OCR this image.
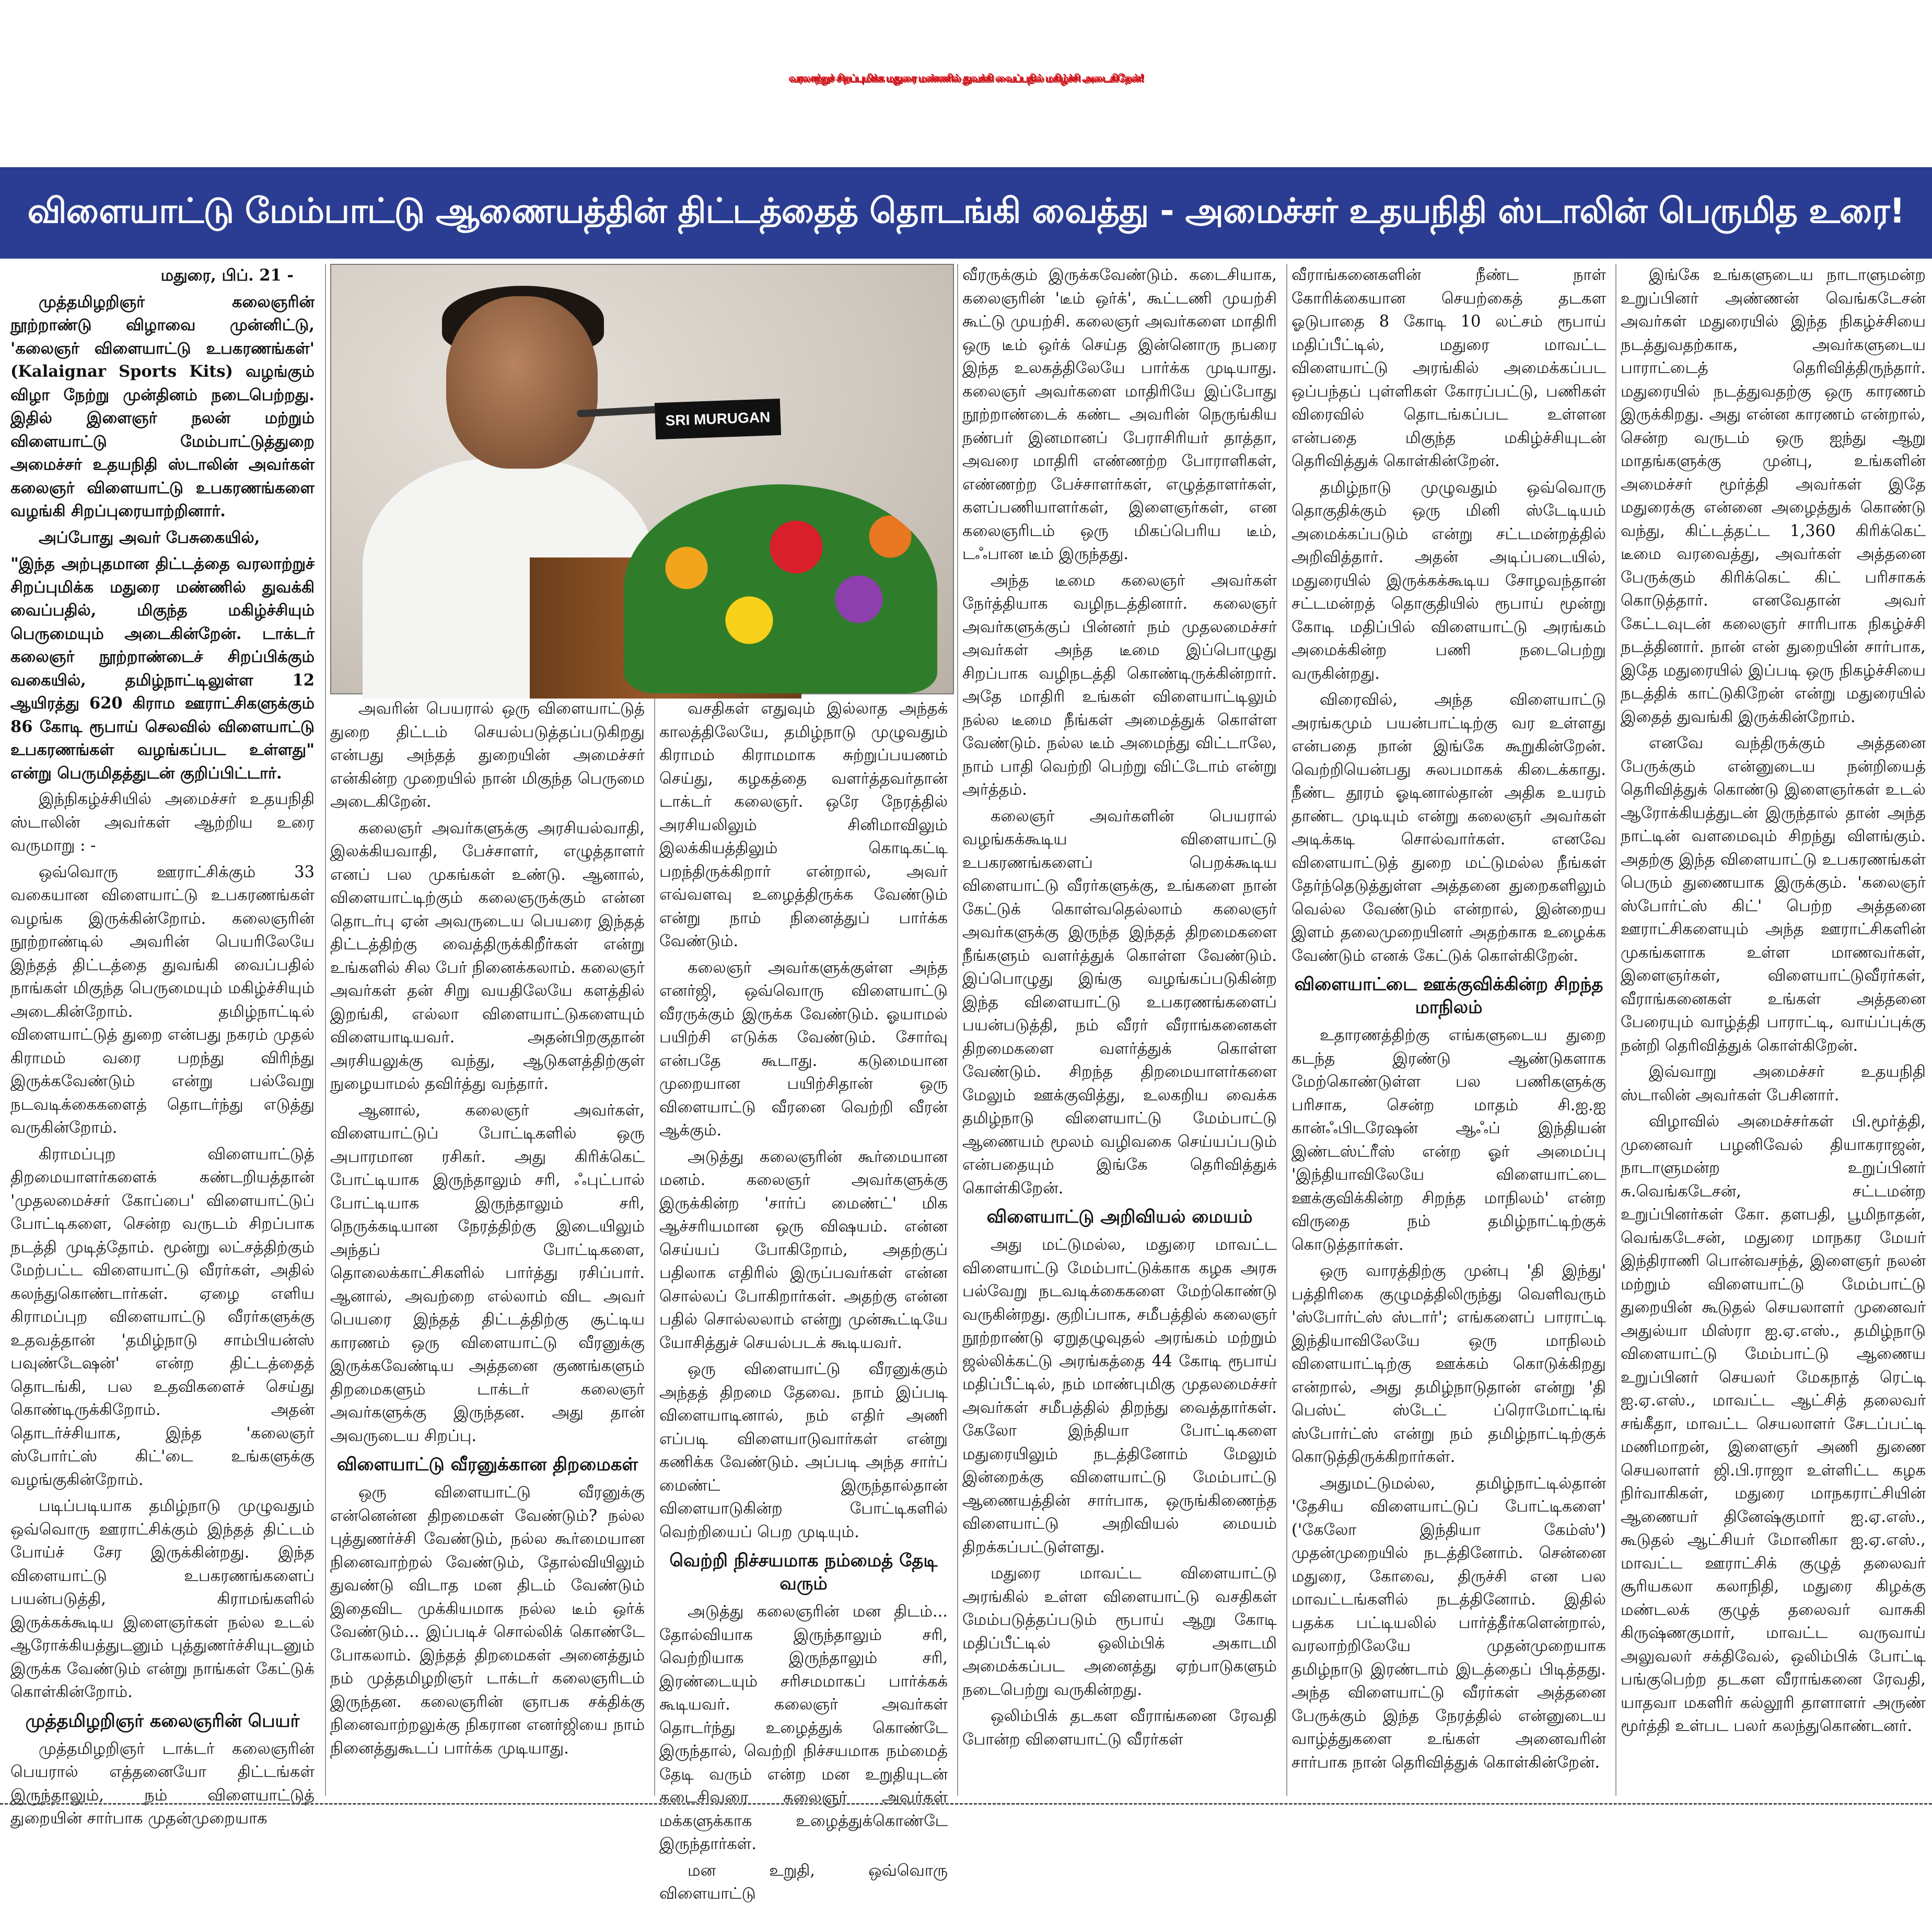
வரலாற்றுச் சிறப்புமிக்க மதுரை மண்ணில் துவக்கி வைப்பதில் மகிழ்ச்சி அடைகிறேன்!
விளையாட்டு மேம்பாட்டு ஆணையத்தின் திட்டத்தைத் தொடங்கி வைத்து - அமைச்சர் உதயநிதி ஸ்டாலின் பெருமித உரை!

மதுரை, பிப். 21 -

முத்தமிழறிஞர் கலைஞரின் நூற்றாண்டு விழாவை முன்னிட்டு, 'கலைஞர் விளையாட்டு உபகரணங்கள்' (Kalaignar Sports Kits) வழங்கும் விழா நேற்று முன்தினம் நடைபெற்றது. இதில் இளைஞர் நலன் மற்றும் விளையாட்டு மேம்பாட்டுத்துறை அமைச்சர் உதயநிதி ஸ்டாலின் அவர்கள் கலைஞர் விளையாட்டு உபகரணங்களை வழங்கி சிறப்புரையாற்றினார்.

அப்போது அவர் பேசுகையில்,

"இந்த அற்புதமான திட்டத்தை வரலாற்றுச் சிறப்புமிக்க மதுரை மண்ணில் துவக்கி வைப்பதில், மிகுந்த மகிழ்ச்சியும் பெருமையும் அடைகின்றேன். டாக்டர் கலைஞர் நூற்றாண்டைச் சிறப்பிக்கும் வகையில், தமிழ்நாட்டிலுள்ள 12 ஆயிரத்து 620 கிராம ஊராட்சிகளுக்கும் 86 கோடி ரூபாய் செலவில் விளையாட்டு உபகரணங்கள் வழங்கப்பட உள்ளது" என்று பெருமிதத்துடன் குறிப்பிட்டார்.

இந்நிகழ்ச்சியில் அமைச்சர் உதயநிதி ஸ்டாலின் அவர்கள் ஆற்றிய உரை வருமாறு : -

ஒவ்வொரு ஊராட்சிக்கும் 33 வகையான விளையாட்டு உபகரணங்கள் வழங்க இருக்கின்றோம். கலைஞரின் நூற்றாண்டில் அவரின் பெயரிலேயே இந்தத் திட்டத்தை துவங்கி வைப்பதில் நாங்கள் மிகுந்த பெருமையும் மகிழ்ச்சியும் அடைகின்றோம். தமிழ்நாட்டில் விளையாட்டுத் துறை என்பது நகரம் முதல் கிராமம் வரை பறந்து விரிந்து இருக்கவேண்டும் என்று பல்வேறு நடவடிக்கைகளைத் தொடர்ந்து எடுத்து வருகின்றோம்.

கிராமப்புற விளையாட்டுத் திறமையாளர்களைக் கண்டறியத்தான் 'முதலமைச்சர் கோப்பை' விளையாட்டுப் போட்டிகளை, சென்ற வருடம் சிறப்பாக நடத்தி முடித்தோம். மூன்று லட்சத்திற்கும் மேற்பட்ட விளையாட்டு வீரர்கள், அதில் கலந்துகொண்டார்கள். ஏழை எளிய கிராமப்புற விளையாட்டு வீரர்களுக்கு உதவத்தான் 'தமிழ்நாடு சாம்பியன்ஸ் பவுண்டேஷன்' என்ற திட்டத்தைத் தொடங்கி, பல உதவிகளைச் செய்து கொண்டிருக்கிறோம். அதன் தொடர்ச்சியாக, இந்த 'கலைஞர் ஸ்போர்ட்ஸ் கிட்'டை உங்களுக்கு வழங்குகின்றோம்.

படிப்படியாக தமிழ்நாடு முழுவதும் ஒவ்வொரு ஊராட்சிக்கும் இந்தத் திட்டம் போய்ச் சேர இருக்கின்றது. இந்த விளையாட்டு உபகரணங்களைப் பயன்படுத்தி, கிராமங்களில் இருக்கக்கூடிய இளைஞர்கள் நல்ல உடல் ஆரோக்கியத்துடனும் புத்துணர்ச்சியுடனும் இருக்க வேண்டும் என்று நாங்கள் கேட்டுக் கொள்கின்றோம்.

முத்தமிழறிஞர் கலைஞரின் பெயர்

முத்தமிழறிஞர் டாக்டர் கலைஞரின் பெயரால் எத்தனையோ திட்டங்கள் இருந்தாலும், நம் விளையாட்டுத் துறையின் சார்பாக முதன்முறையாக

SRI MURUGAN

அவரின் பெயரால் ஒரு விளையாட்டுத் துறை திட்டம் செயல்படுத்தப்படுகிறது என்பது அந்தத் துறையின் அமைச்சர் என்கின்ற முறையில் நான் மிகுந்த பெருமை அடைகிறேன்.

கலைஞர் அவர்களுக்கு அரசியல்வாதி, இலக்கியவாதி, பேச்சாளர், எழுத்தாளர் எனப் பல முகங்கள் உண்டு. ஆனால், விளையாட்டிற்கும் கலைஞருக்கும் என்ன தொடர்பு ஏன் அவருடைய பெயரை இந்தத் திட்டத்திற்கு வைத்திருக்கிறீர்கள் என்று உங்களில் சில பேர் நினைக்கலாம். கலைஞர் அவர்கள் தன் சிறு வயதிலேயே களத்தில் இறங்கி, எல்லா விளையாட்டுகளையும் விளையாடியவர். அதன்பிறகுதான் அரசியலுக்கு வந்து, ஆடுகளத்திற்குள் நுழையாமல் தவிர்த்து வந்தார்.

ஆனால், கலைஞர் அவர்கள், விளையாட்டுப் போட்டிகளில் ஒரு அபாரமான ரசிகர். அது கிரிக்கெட் போட்டியாக இருந்தாலும் சரி, ஃபுட்பால் போட்டியாக இருந்தாலும் சரி, நெருக்கடியான நேரத்திற்கு இடையிலும் அந்தப் போட்டிகளை, தொலைக்காட்சிகளில் பார்த்து ரசிப்பார். ஆனால், அவற்றை எல்லாம் விட அவர் பெயரை இந்தத் திட்டத்திற்கு சூட்டிய காரணம் ஒரு விளையாட்டு வீரனுக்கு இருக்கவேண்டிய அத்தனை குணங்களும் திறமைகளும் டாக்டர் கலைஞர் அவர்களுக்கு இருந்தன. அது தான் அவருடைய சிறப்பு.

விளையாட்டு வீரனுக்கான திறமைகள்

ஒரு விளையாட்டு வீரனுக்கு என்னென்ன திறமைகள் வேண்டும்? நல்ல புத்துணர்ச்சி வேண்டும், நல்ல கூர்மையான நினைவாற்றல் வேண்டும், தோல்வியிலும் துவண்டு விடாத மன திடம் வேண்டும் இதைவிட முக்கியமாக நல்ல டீம் ஒர்க் வேண்டும்... இப்படிச் சொல்லிக் கொண்டே போகலாம். இந்தத் திறமைகள் அனைத்தும் நம் முத்தமிழறிஞர் டாக்டர் கலைஞரிடம் இருந்தன. கலைஞரின் ஞாபக சக்திக்கு நினைவாற்றலுக்கு நிகரான எனர்ஜியை நாம் நினைத்துகூடப் பார்க்க முடியாது.

வசதிகள் எதுவும் இல்லாத அந்தக் காலத்திலேயே, தமிழ்நாடு முழுவதும் கிராமம் கிராமமாக சுற்றுப்பயணம் செய்து, கழகத்தை வளர்த்தவர்தான் டாக்டர் கலைஞர். ஒரே நேரத்தில் அரசியலிலும் சினிமாவிலும் இலக்கியத்திலும் கொடிகட்டி பறந்திருக்கிறார் என்றால், அவர் எவ்வளவு உழைத்திருக்க வேண்டும் என்று நாம் நினைத்துப் பார்க்க வேண்டும்.

கலைஞர் அவர்களுக்குள்ள அந்த எனர்ஜி, ஒவ்வொரு விளையாட்டு வீரருக்கும் இருக்க வேண்டும். ஓயாமல் பயிற்சி எடுக்க வேண்டும். சோர்வு என்பதே கூடாது. கடுமையான முறையான பயிற்சிதான் ஒரு விளையாட்டு வீரனை வெற்றி வீரன் ஆக்கும்.

அடுத்து கலைஞரின் கூர்மையான மனம். கலைஞர் அவர்களுக்கு இருக்கின்ற 'சார்ப் மைண்ட்' மிக ஆச்சரியமான ஒரு விஷயம். என்ன செய்யப் போகிறோம், அதற்குப் பதிலாக எதிரில் இருப்பவர்கள் என்ன சொல்லப் போகிறார்கள். அதற்கு என்ன பதில் சொல்லலாம் என்று முன்கூட்டியே யோசித்துச் செயல்படக் கூடியவர்.

ஒரு விளையாட்டு வீரனுக்கும் அந்தத் திறமை தேவை. நாம் இப்படி விளையாடினால், நம் எதிர் அணி எப்படி விளையாடுவார்கள் என்று கணிக்க வேண்டும். அப்படி அந்த சார்ப் மைண்ட் இருந்தால்தான் விளையாடுகின்ற போட்டிகளில் வெற்றியைப் பெற முடியும்.

வெற்றி நிச்சயமாக நம்மைத் தேடி வரும்

அடுத்து கலைஞரின் மன திடம்... தோல்வியாக இருந்தாலும் சரி, வெற்றியாக இருந்தாலும் சரி, இரண்டையும் சரிசமமாகப் பார்க்கக் கூடியவர். கலைஞர் அவர்கள் தொடர்ந்து உழைத்துக் கொண்டே இருந்தால், வெற்றி நிச்சயமாக நம்மைத் தேடி வரும் என்ற மன உறுதியுடன் கடைசிவரை கலைஞர் அவர்கள் மக்களுக்காக உழைத்துக்கொண்டே இருந்தார்கள்.

மன உறுதி, ஒவ்வொரு விளையாட்டு

வீரருக்கும் இருக்கவேண்டும். கடைசியாக, கலைஞரின் 'டீம் ஒர்க்', கூட்டணி முயற்சி கூட்டு முயற்சி. கலைஞர் அவர்களை மாதிரி ஒரு டீம் ஒர்க் செய்த இன்னொரு நபரை இந்த உலகத்திலேயே பார்க்க முடியாது. கலைஞர் அவர்களை மாதிரியே இப்போது நூற்றாண்டைக் கண்ட அவரின் நெருங்கிய நண்பர் இனமானப் பேராசிரியர் தாத்தா, அவரை மாதிரி எண்ணற்ற போராளிகள், எண்ணற்ற பேச்சாளர்கள், எழுத்தாளர்கள், களப்பணியாளர்கள், இளைஞர்கள், என கலைஞரிடம் ஒரு மிகப்பெரிய டீம், டஃபான டீம் இருந்தது.

அந்த டீமை கலைஞர் அவர்கள் நேர்த்தியாக வழிநடத்தினார். கலைஞர் அவர்களுக்குப் பின்னர் நம் முதலமைச்சர் அவர்கள் அந்த டீமை இப்பொழுது சிறப்பாக வழிநடத்தி கொண்டிருக்கின்றார். அதே மாதிரி உங்கள் விளையாட்டிலும் நல்ல டீமை நீங்கள் அமைத்துக் கொள்ள வேண்டும். நல்ல டீம் அமைந்து விட்டாலே, நாம் பாதி வெற்றி பெற்று விட்டோம் என்று அர்த்தம்.

கலைஞர் அவர்களின் பெயரால் வழங்கக்கூடிய விளையாட்டு உபகரணங்களைப் பெறக்கூடிய விளையாட்டு வீரர்களுக்கு, உங்களை நான் கேட்டுக் கொள்வதெல்லாம் கலைஞர் அவர்களுக்கு இருந்த இந்தத் திறமைகளை நீங்களும் வளர்த்துக் கொள்ள வேண்டும். இப்பொழுது இங்கு வழங்கப்படுகின்ற இந்த விளையாட்டு உபகரணங்களைப் பயன்படுத்தி, நம் வீரர் வீராங்கனைகள் திறமைகளை வளர்த்துக் கொள்ள வேண்டும். சிறந்த திறமையாளர்களை மேலும் ஊக்குவித்து, உலகறிய வைக்க தமிழ்நாடு விளையாட்டு மேம்பாட்டு ஆணையம் மூலம் வழிவகை செய்யப்படும் என்பதையும் இங்கே தெரிவித்துக் கொள்கிறேன்.

விளையாட்டு அறிவியல் மையம்

அது மட்டுமல்ல, மதுரை மாவட்ட விளையாட்டு மேம்பாட்டுக்காக கழக அரசு பல்வேறு நடவடிக்கைகளை மேற்கொண்டு வருகின்றது. குறிப்பாக, சமீபத்தில் கலைஞர் நூற்றாண்டு ஏறுதழுவுதல் அரங்கம் மற்றும் ஜல்லிக்கட்டு அரங்கத்தை 44 கோடி ரூபாய் மதிப்பீட்டில், நம் மாண்புமிகு முதலமைச்சர் அவர்கள் சமீபத்தில் திறந்து வைத்தார்கள். கேலோ இந்தியா போட்டிகளை மதுரையிலும் நடத்தினோம் மேலும் இன்றைக்கு விளையாட்டு மேம்பாட்டு ஆணையத்தின் சார்பாக, ஒருங்கிணைந்த விளையாட்டு அறிவியல் மையம் திறக்கப்பட்டுள்ளது.

மதுரை மாவட்ட விளையாட்டு அரங்கில் உள்ள விளையாட்டு வசதிகள் மேம்படுத்தப்படும் ரூபாய் ஆறு கோடி மதிப்பீட்டில் ஒலிம்பிக் அகாடமி அமைக்கப்பட அனைத்து ஏற்பாடுகளும் நடைபெற்று வருகின்றது.

ஒலிம்பிக் தடகள வீராங்கனை ரேவதி போன்ற விளையாட்டு வீரர்கள்

வீராங்கனைகளின் நீண்ட நாள் கோரிக்கையான செயற்கைத் தடகள ஓடுபாதை 8 கோடி 10 லட்சம் ரூபாய் மதிப்பீட்டில், மதுரை மாவட்ட விளையாட்டு அரங்கில் அமைக்கப்பட ஒப்பந்தப் புள்ளிகள் கோரப்பட்டு, பணிகள் விரைவில் தொடங்கப்பட உள்ளன என்பதை மிகுந்த மகிழ்ச்சியுடன் தெரிவித்துக் கொள்கின்றேன்.

தமிழ்நாடு முழுவதும் ஒவ்வொரு தொகுதிக்கும் ஒரு மினி ஸ்டேடியம் அமைக்கப்படும் என்று சட்டமன்றத்தில் அறிவித்தார். அதன் அடிப்படையில், மதுரையில் இருக்கக்கூடிய சோழவந்தான் சட்டமன்றத் தொகுதியில் ரூபாய் மூன்று கோடி மதிப்பில் விளையாட்டு அரங்கம் அமைக்கின்ற பணி நடைபெற்று வருகின்றது.

விரைவில், அந்த விளையாட்டு அரங்கமும் பயன்பாட்டிற்கு வர உள்ளது என்பதை நான் இங்கே கூறுகின்றேன். வெற்றியென்பது சுலபமாகக் கிடைக்காது. நீண்ட தூரம் ஓடினால்தான் அதிக உயரம் தாண்ட முடியும் என்று கலைஞர் அவர்கள் அடிக்கடி சொல்வார்கள். எனவே விளையாட்டுத் துறை மட்டுமல்ல நீங்கள் தேர்ந்தெடுத்துள்ள அத்தனை துறைகளிலும் வெல்ல வேண்டும் என்றால், இன்றைய இளம் தலைமுறையினர் அதற்காக உழைக்க வேண்டும் எனக் கேட்டுக் கொள்கிறேன்.

விளையாட்டை ஊக்குவிக்கின்ற சிறந்த மாநிலம்

உதாரணத்திற்கு எங்களுடைய துறை கடந்த இரண்டு ஆண்டுகளாக மேற்கொண்டுள்ள பல பணிகளுக்கு பரிசாக, சென்ற மாதம் சி.ஐ.ஐ கான்ஃபிடரேஷன் ஆஃப் இந்தியன் இண்டஸ்ட்ரீஸ் என்ற ஓர் அமைப்பு 'இந்தியாவிலேயே விளையாட்டை ஊக்குவிக்கின்ற சிறந்த மாநிலம்' என்ற விருதை நம் தமிழ்நாட்டிற்குக் கொடுத்தார்கள்.

ஒரு வாரத்திற்கு முன்பு 'தி இந்து' பத்திரிகை குழுமத்திலிருந்து வெளிவரும் 'ஸ்போர்ட்ஸ் ஸ்டார்'; எங்களைப் பாராட்டி இந்தியாவிலேயே ஒரு மாநிலம் விளையாட்டிற்கு ஊக்கம் கொடுக்கிறது என்றால், அது தமிழ்நாடுதான் என்று 'தி பெஸ்ட் ஸ்டேட் ப்ரொமோட்டிங் ஸ்போர்ட்ஸ் என்று நம் தமிழ்நாட்டிற்குக் கொடுத்திருக்கிறார்கள்.

அதுமட்டுமல்ல, தமிழ்நாட்டில்தான் 'தேசிய விளையாட்டுப் போட்டிகளை' ('கேலோ இந்தியா கேம்ஸ்') முதன்முறையில் நடத்தினோம். சென்னை மதுரை, கோவை, திருச்சி என பல மாவட்டங்களில் நடத்தினோம். இதில் பதக்க பட்டியலில் பார்த்தீர்களென்றால், வரலாற்றிலேயே முதன்முறையாக தமிழ்நாடு இரண்டாம் இடத்தைப் பிடித்தது. அந்த விளையாட்டு வீரர்கள் அத்தனை பேருக்கும் இந்த நேரத்தில் என்னுடைய வாழ்த்துகளை உங்கள் அனைவரின் சார்பாக நான் தெரிவித்துக் கொள்கின்றேன்.

இங்கே உங்களுடைய நாடாளுமன்ற உறுப்பினர் அண்ணன் வெங்கடேசன் அவர்கள் மதுரையில் இந்த நிகழ்ச்சியை நடத்துவதற்காக, அவர்களுடைய பாராட்டைத் தெரிவித்திருந்தார். மதுரையில் நடத்துவதற்கு ஒரு காரணம் இருக்கிறது. அது என்ன காரணம் என்றால், சென்ற வருடம் ஒரு ஐந்து ஆறு மாதங்களுக்கு முன்பு, உங்களின் அமைச்சர் மூர்த்தி அவர்கள் இதே மதுரைக்கு என்னை அழைத்துக் கொண்டு வந்து, கிட்டத்தட்ட 1,360 கிரிக்கெட் டீமை வரவைத்து, அவர்கள் அத்தனை பேருக்கும் கிரிக்கெட் கிட் பரிசாகக் கொடுத்தார். எனவேதான் அவர் கேட்டவுடன் கலைஞர் சாரிபாக நிகழ்ச்சி நடத்தினார். நான் என் துறையின் சார்பாக, இதே மதுரையில் இப்படி ஒரு நிகழ்ச்சியை நடத்திக் காட்டுகிறேன் என்று மதுரையில் இதைத் துவங்கி இருக்கின்றோம்.

எனவே வந்திருக்கும் அத்தனை பேருக்கும் என்னுடைய நன்றியைத் தெரிவித்துக் கொண்டு இளைஞர்கள் உடல் ஆரோக்கியத்துடன் இருந்தால் தான் அந்த நாட்டின் வளமைவும் சிறந்து விளங்கும். அதற்கு இந்த விளையாட்டு உபகரணங்கள் பெரும் துணையாக இருக்கும். 'கலைஞர் ஸ்போர்ட்ஸ் கிட்' பெற்ற அத்தனை ஊராட்சிகளையும் அந்த ஊராட்சிகளின் முகங்களாக உள்ள மாணவர்கள், இளைஞர்கள், விளையாட்டுவீரர்கள், வீராங்கனைகள் உங்கள் அத்தனை பேரையும் வாழ்த்தி பாராட்டி, வாய்ப்புக்கு நன்றி தெரிவித்துக் கொள்கிறேன்.

இவ்வாறு அமைச்சர் உதயநிதி ஸ்டாலின் அவர்கள் பேசினார்.

விழாவில் அமைச்சர்கள் பி.மூர்த்தி, முனைவர் பழனிவேல் தியாகராஜன், நாடாளுமன்ற உறுப்பினர் சு.வெங்கடேசன், சட்டமன்ற உறுப்பினர்கள் கோ. தளபதி, பூமிநாதன், வெங்கடேசன், மதுரை மாநகர மேயர் இந்திராணி பொன்வசந்த், இளைஞர் நலன் மற்றும் விளையாட்டு மேம்பாட்டு துறையின் கூடுதல் செயலாளர் முனைவர் அதுல்யா மிஸ்ரா ஐ.ஏ.எஸ்., தமிழ்நாடு விளையாட்டு மேம்பாட்டு ஆணைய உறுப்பினர் செயலர் மேகநாத் ரெட்டி ஐ.ஏ.எஸ்., மாவட்ட ஆட்சித் தலைவர் சங்கீதா, மாவட்ட செயலாளர் சேடப்பட்டி மணிமாறன், இளைஞர் அணி துணை செயலாளர் ஜி.பி.ராஜா உள்ளிட்ட கழக நிர்வாகிகள், மதுரை மாநகராட்சியின் ஆணையர் தினேஷ்குமார் ஐ.ஏ.எஸ்., கூடுதல் ஆட்சியர் மோனிகா ஐ.ஏ.எஸ்., மாவட்ட ஊராட்சிக் குழுத் தலைவர் சூரியகலா கலாநிதி, மதுரை கிழக்கு மண்டலக் குழுத் தலைவர் வாசுகி கிருஷ்ணகுமார், மாவட்ட வருவாய் அலுவலர் சக்திவேல், ஒலிம்பிக் போட்டி பங்குபெற்ற தடகள வீராங்கனை ரேவதி, யாதவா மகளிர் கல்லூரி தாளாளர் அருண் மூர்த்தி உள்பட பலர் கலந்துகொண்டனர்.
